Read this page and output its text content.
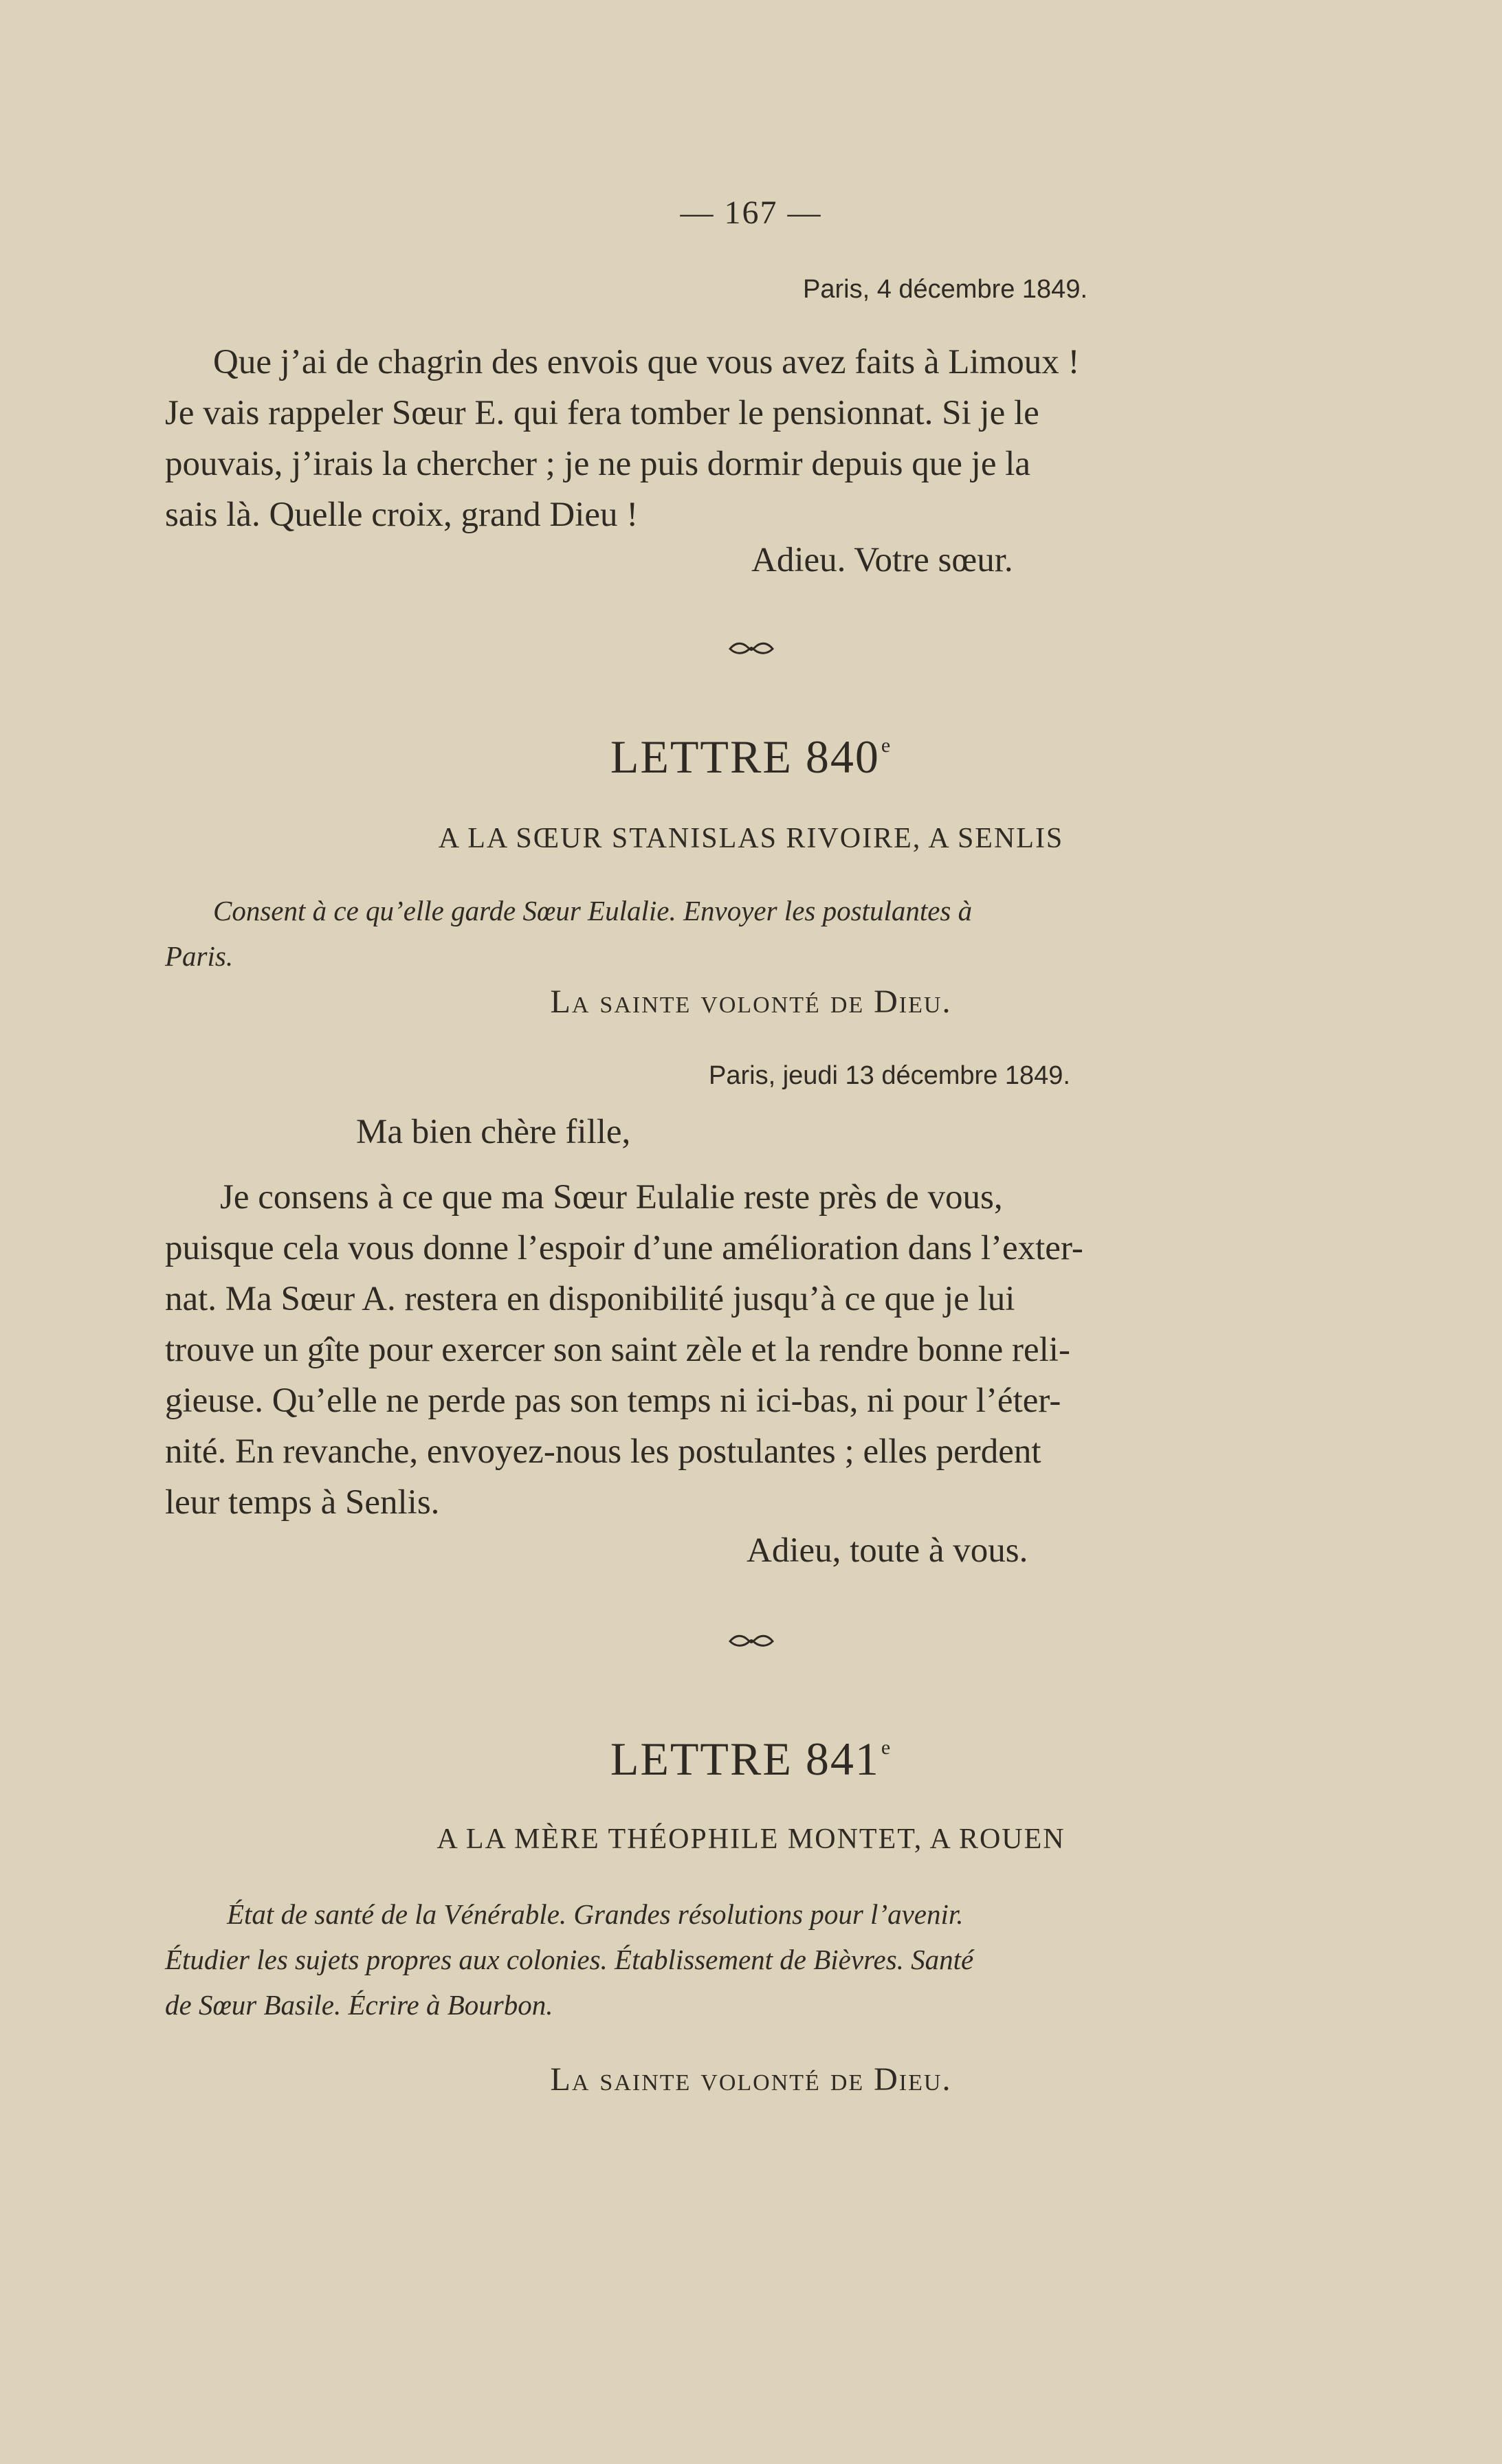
— 167 —
Paris, 4 décembre 1849.
Que j’ai de chagrin des envois que vous avez faits à Limoux !
Je vais rappeler Sœur E. qui fera tomber le pensionnat. Si je le
pouvais, j’irais la chercher ; je ne puis dormir depuis que je la
sais là. Quelle croix, grand Dieu !
Adieu. Votre sœur.
LETTRE 840e
A LA SŒUR STANISLAS RIVOIRE, A SENLIS
Consent à ce qu’elle garde Sœur Eulalie. Envoyer les postulantes à
Paris.
La sainte volonté de Dieu.
Paris, jeudi 13 décembre 1849.
Ma bien chère fille,
Je consens à ce que ma Sœur Eulalie reste près de vous,
puisque cela vous donne l’espoir d’une amélioration dans l’exter-
nat. Ma Sœur A. restera en disponibilité jusqu’à ce que je lui
trouve un gîte pour exercer son saint zèle et la rendre bonne reli-
gieuse. Qu’elle ne perde pas son temps ni ici-bas, ni pour l’éter-
nité. En revanche, envoyez-nous les postulantes ; elles perdent
leur temps à Senlis.
Adieu, toute à vous.
LETTRE 841e
A LA MÈRE THÉOPHILE MONTET, A ROUEN
État de santé de la Vénérable. Grandes résolutions pour l’avenir.
Étudier les sujets propres aux colonies. Établissement de Bièvres. Santé
de Sœur Basile. Écrire à Bourbon.
La sainte volonté de Dieu.
